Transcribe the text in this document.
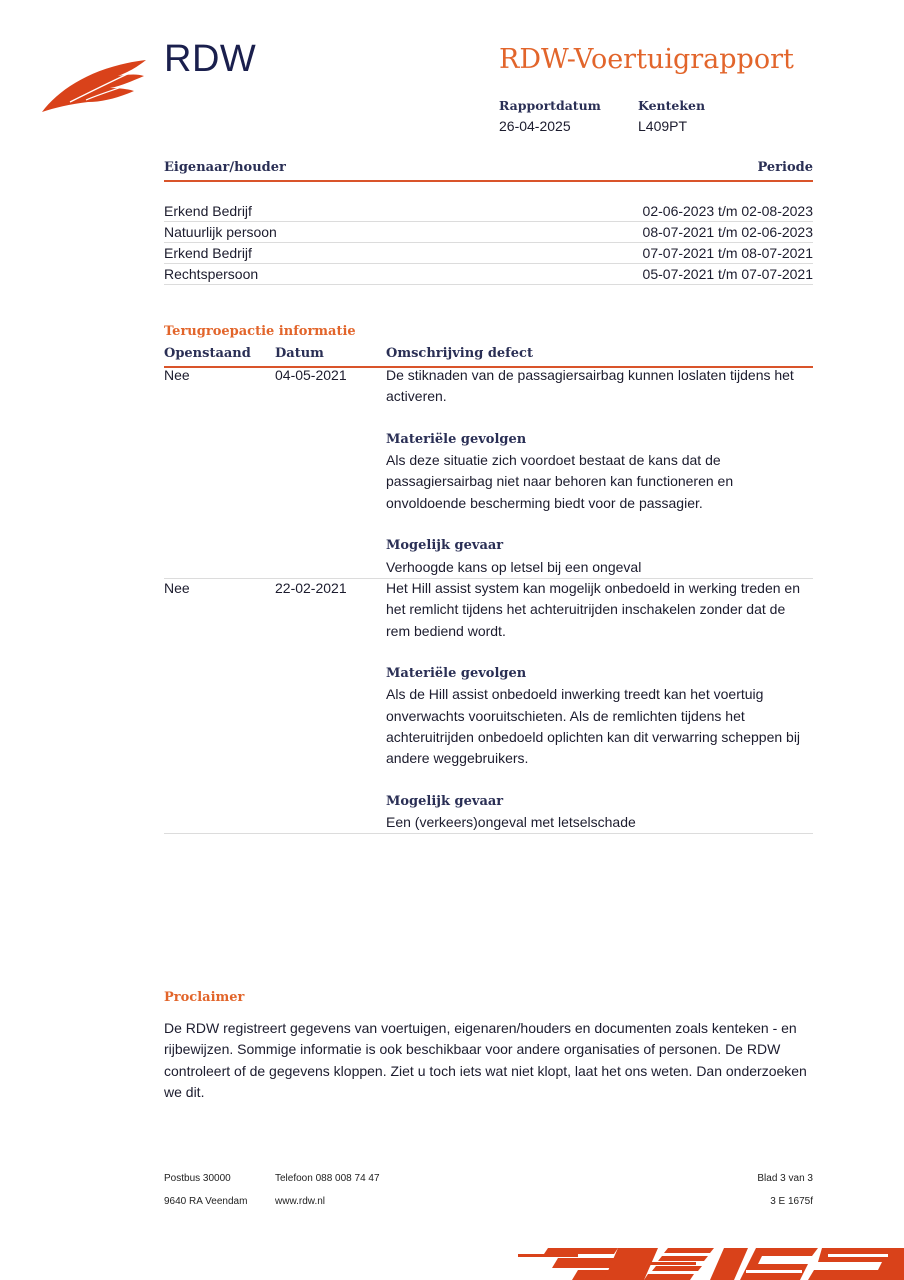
RDW	RDW-Voertuigrapport
Rapportdatum
26-04-2025
Kenteken
L409PT
Eigenaar/houder	Periode
Erkend Bedrijf	02-06-2023 t/m 02-08-2023
Natuurlijk persoon	08-07-2021 t/m 02-06-2023
Erkend Bedrijf	07-07-2021 t/m 08-07-2021
Rechtspersoon	05-07-2021 t/m 07-07-2021
Terugroepactie informatie
Openstaand Datum	Omschrijving defect
Nee	04-05-2021	De stiknaden van de passagiersairbag kunnen loslaten tijdens het activeren.
Materiële gevolgen
Als deze situatie zich voordoet bestaat de kans dat de passagiersairbag niet naar behoren kan functioneren en onvoldoende bescherming biedt voor de passagier.
Mogelijk gevaar
Verhoogde kans op letsel bij een ongeval
Nee	22-02-2021	Het Hill assist system kan mogelijk onbedoeld in werking treden en het remlicht tijdens het achteruitrijden inschakelen zonder dat de rem bediend wordt.
Materiële gevolgen
Als de Hill assist onbedoeld inwerking treedt kan het voertuig onverwachts vooruitschieten. Als de remlichten tijdens het achteruitrijden onbedoeld oplichten kan dit verwarring scheppen bij andere weggebruikers.
Mogelijk gevaar
Een (verkeers)ongeval met letselschade
Proclaimer
De RDW registreert gegevens van voertuigen, eigenaren/houders en documenten zoals kenteken - en rijbewijzen. Sommige informatie is ook beschikbaar voor andere organisaties of personen. De RDW controleert of de gegevens kloppen. Ziet u toch iets wat niet klopt, laat het ons weten. Dan onderzoeken we dit.
Postbus 30000
9640 RA Veendam
Telefoon 088 008 74 47
www.rdw.nl
Blad 3 van 3
3 E 1675f
